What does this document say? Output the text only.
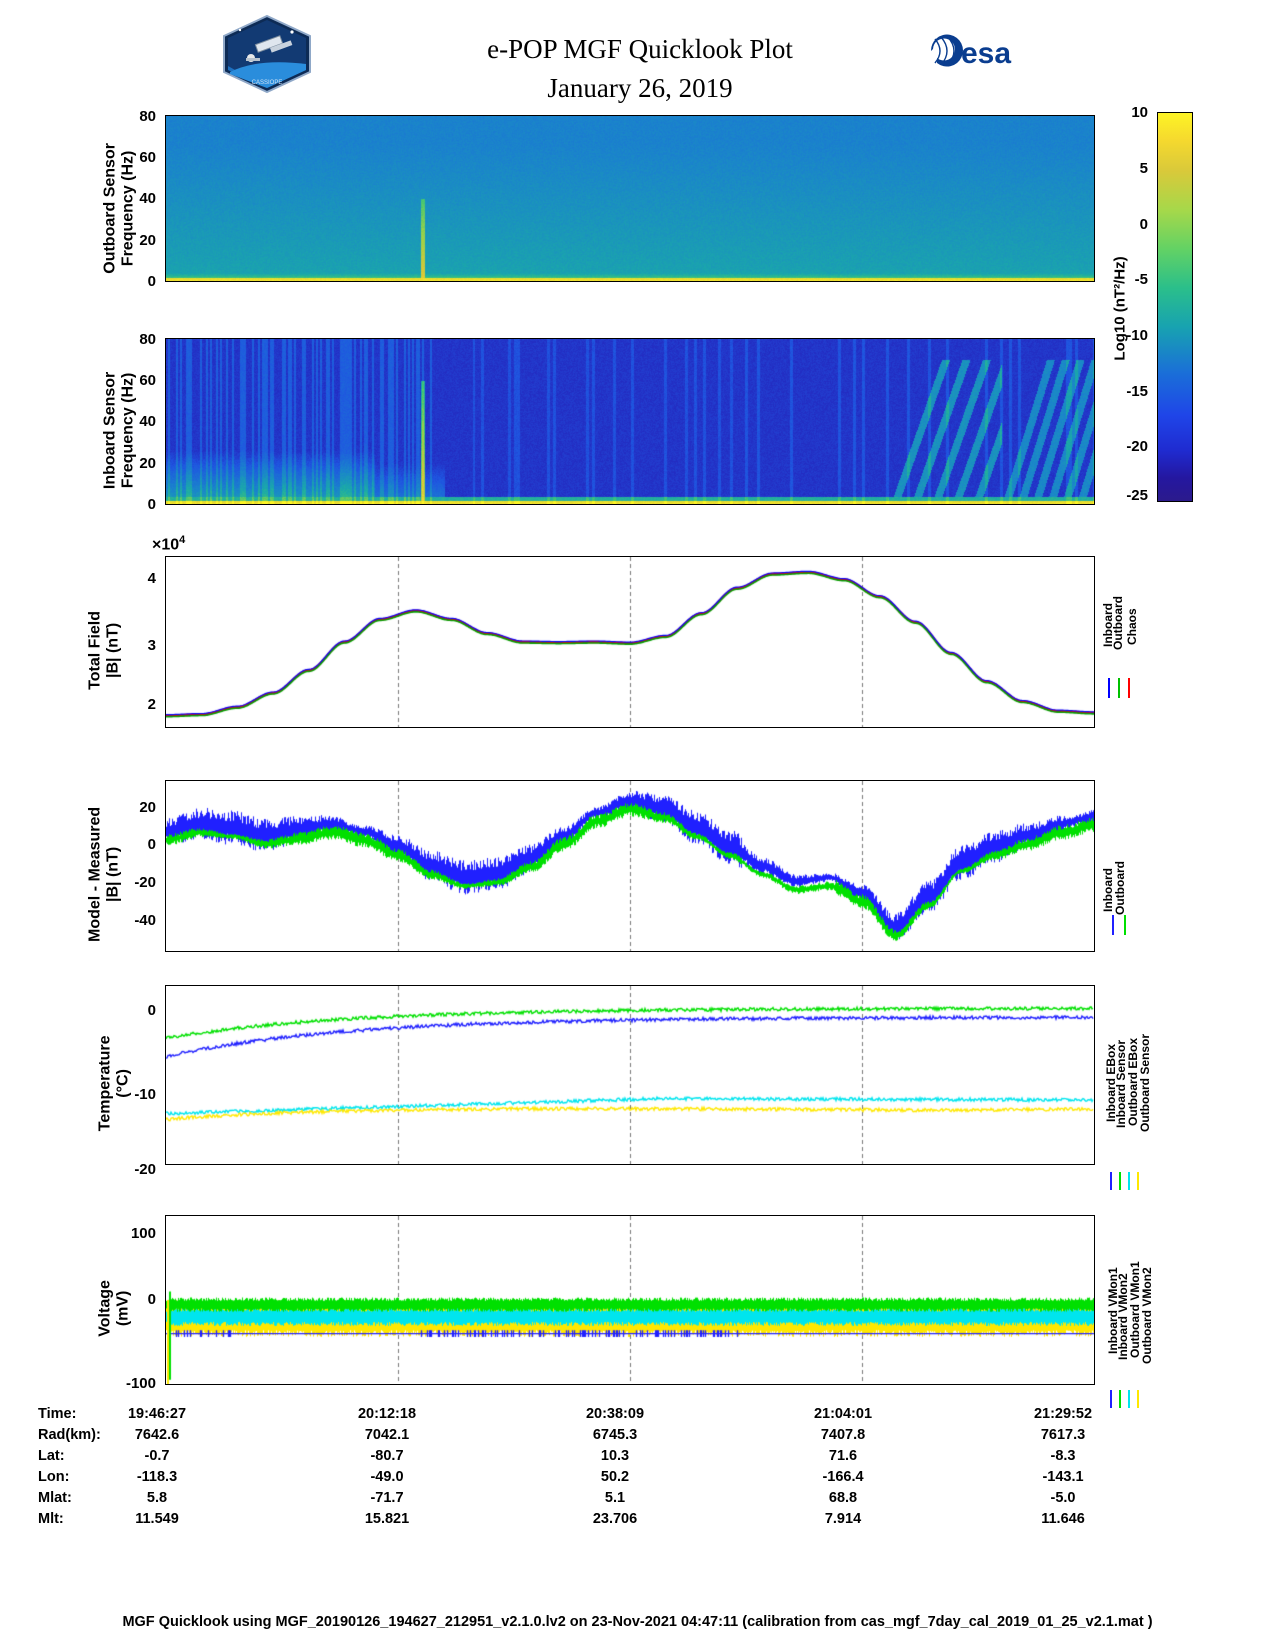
CASSIOPE
e-POP MGF Quicklook Plot
January 26, 2019
esa
10
5
0
-5
-10
-15
-20
-25
Log10 (nT²/Hz)
Outboard Sensor
Frequency (Hz)
80
60
40
20
0
Inboard Sensor
Frequency (Hz)
80
60
40
20
0
Total Field
|B| (nT)
$\times 10^4$
4
3
2
Inboard
Outboard Chaos
Model - Measured
|B| (nT)
20
0
-20
-40
Inboard
Outboard
Temperature
(°C)
0
-10
-20
Inboard EBox
Inboard Sensor
Outboard EBox
Outboard Sensor
Voltage
(mV)
100
0
-100
Inboard VMon1
Inboard VMon2
Outboard VMon1
Outboard VMon2
Time:	19:46:27	20:12:18	20:38:09	21:04:01	21:29:52
Rad(km):	7642.6	7042.1	6745.3	7407.8	7617.3
Lat:	-0.7	-80.7	10.3	71.6	-8.3
Lon:	-118.3	-49.0	50.2	-166.4	-143.1
Mlat:	5.8	-71.7	5.1	68.8	-5.0
Mlt:	11.549	15.821	23.706	7.914	11.646
MGF Quicklook using MGF_20190126_194627_212951_v2.1.0.lv2 on 23-Nov-2021 04:47:11 (calibration from cas_mgf_7day_cal_2019_01_25_v2.1.mat )
